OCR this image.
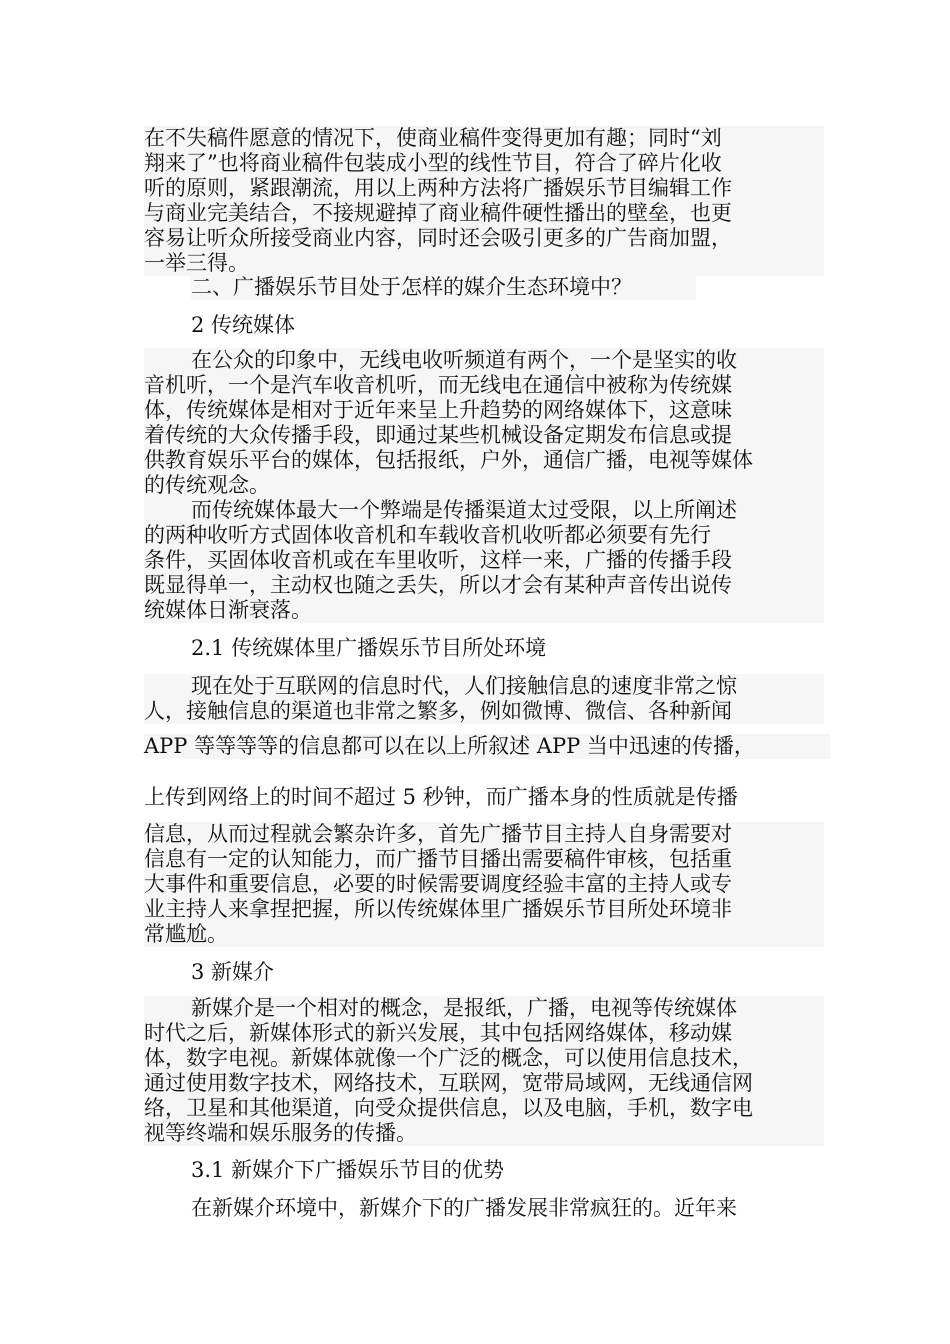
在不失稿件愿意的情况下，使商业稿件变得更加有趣；同时“刘

翔来了”也将商业稿件包装成小型的线性节目，符合了碎片化收

听的原则，紧跟潮流，用以上两种方法将广播娱乐节目编辑工作

与商业完美结合，不接规避掉了商业稿件硬性播出的壁垒，也更

容易让听众所接受商业内容，同时还会吸引更多的广告商加盟，

一举三得。

二、广播娱乐节目处于怎样的媒介生态环境中？

2 传统媒体

在公众的印象中，无线电收听频道有两个，一个是坚实的收

音机听，一个是汽车收音机听，而无线电在通信中被称为传统媒

体，传统媒体是相对于近年来呈上升趋势的网络媒体下，这意味

着传统的大众传播手段，即通过某些机械设备定期发布信息或提

供教育娱乐平台的媒体，包括报纸，户外，通信广播，电视等媒体

的传统观念。

而传统媒体最大一个弊端是传播渠道太过受限，以上所阐述

的两种收听方式固体收音机和车载收音机收听都必须要有先行

条件，买固体收音机或在车里收听，这样一来，广播的传播手段

既显得单一，主动权也随之丢失，所以才会有某种声音传出说传

统媒体日渐衰落。

2.1 传统媒体里广播娱乐节目所处环境

现在处于互联网的信息时代，人们接触信息的速度非常之惊

人，接触信息的渠道也非常之繁多，例如微博、微信、各种新闻

APP 等等等等的信息都可以在以上所叙述 APP 当中迅速的传播，

上传到网络上的时间不超过 5 秒钟，而广播本身的性质就是传播

信息，从而过程就会繁杂许多，首先广播节目主持人自身需要对

信息有一定的认知能力，而广播节目播出需要稿件审核，包括重

大事件和重要信息，必要的时候需要调度经验丰富的主持人或专

业主持人来拿捏把握，所以传统媒体里广播娱乐节目所处环境非

常尴尬。

3 新媒介

新媒介是一个相对的概念，是报纸，广播，电视等传统媒体

时代之后，新媒体形式的新兴发展，其中包括网络媒体，移动媒

体，数字电视。新媒体就像一个广泛的概念，可以使用信息技术，

通过使用数字技术，网络技术，互联网，宽带局域网，无线通信网

络，卫星和其他渠道，向受众提供信息，以及电脑，手机，数字电

视等终端和娱乐服务的传播。

3.1 新媒介下广播娱乐节目的优势

在新媒介环境中，新媒介下的广播发展非常疯狂的。近年来
